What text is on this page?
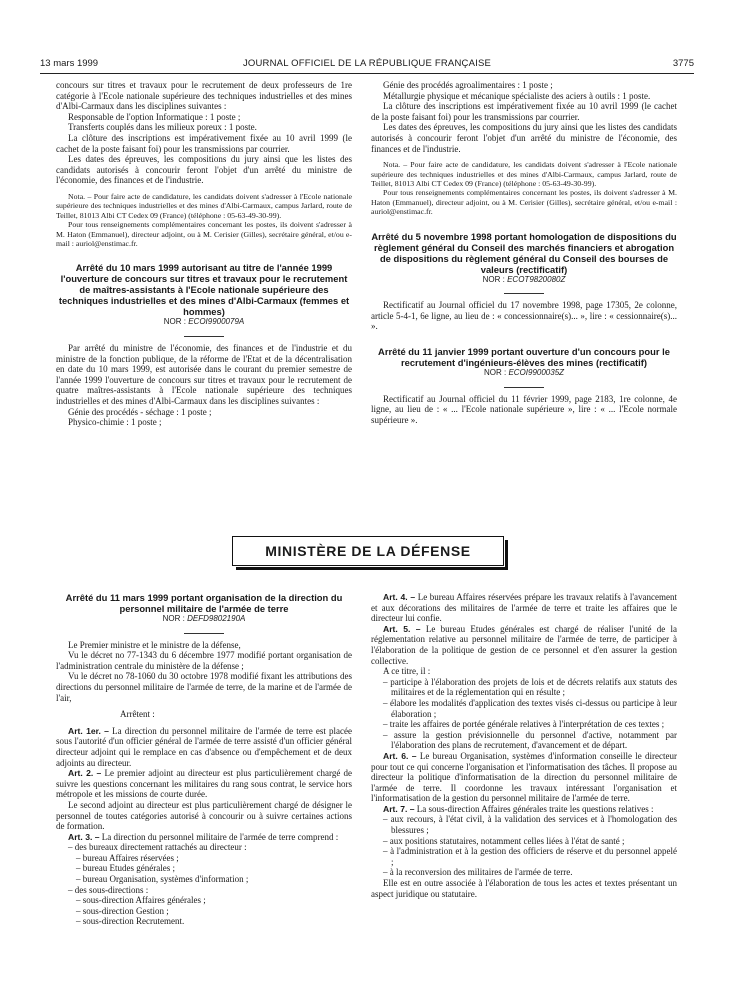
13 mars 1999	JOURNAL OFFICIEL DE LA RÉPUBLIQUE FRANÇAISE	3775

concours sur titres et travaux pour le recrutement de deux professeurs de 1re catégorie à l'Ecole nationale supérieure des techniques industrielles et des mines d'Albi-Carmaux dans les disciplines suivantes :

Responsable de l'option Informatique : 1 poste ;

Transferts couplés dans les milieux poreux : 1 poste.

La clôture des inscriptions est impérativement fixée au 10 avril 1999 (le cachet de la poste faisant foi) pour les transmissions par courrier.

Les dates des épreuves, les compositions du jury ainsi que les listes des candidats autorisés à concourir feront l'objet d'un arrêté du ministre de l'économie, des finances et de l'industrie.

Nota. – Pour faire acte de candidature, les candidats doivent s'adresser à l'Ecole nationale supérieure des techniques industrielles et des mines d'Albi-Carmaux, campus Jarlard, route de Teillet, 81013 Albi CT Cedex 09 (France) (téléphone : 05-63-49-30-99).

Pour tous renseignements complémentaires concernant les postes, ils doivent s'adresser à M. Haton (Emmanuel), directeur adjoint, ou à M. Cerisier (Gilles), secrétaire général, et/ou e-mail : auriol@enstimac.fr.

Arrêté du 10 mars 1999 autorisant au titre de l'année 1999 l'ouverture de concours sur titres et travaux pour le recrutement de maîtres-assistants à l'Ecole nationale supérieure des techniques industrielles et des mines d'Albi-Carmaux (femmes et hommes)

NOR : ECOI9900079A

Par arrêté du ministre de l'économie, des finances et de l'industrie et du ministre de la fonction publique, de la réforme de l'Etat et de la décentralisation en date du 10 mars 1999, est autorisée dans le courant du premier semestre de l'année 1999 l'ouverture de concours sur titres et travaux pour le recrutement de quatre maîtres-assistants à l'Ecole nationale supérieure des techniques industrielles et des mines d'Albi-Carmaux dans les disciplines suivantes :

Génie des procédés - séchage : 1 poste ;

Physico-chimie : 1 poste ;

Génie des procédés agroalimentaires : 1 poste ;

Métallurgie physique et mécanique spécialiste des aciers à outils : 1 poste.

La clôture des inscriptions est impérativement fixée au 10 avril 1999 (le cachet de la poste faisant foi) pour les transmissions par courrier.

Les dates des épreuves, les compositions du jury ainsi que les listes des candidats autorisés à concourir feront l'objet d'un arrêté du ministre de l'économie, des finances et de l'industrie.

Nota. – Pour faire acte de candidature, les candidats doivent s'adresser à l'Ecole nationale supérieure des techniques industrielles et des mines d'Albi-Carmaux, campus Jarlard, route de Teillet, 81013 Albi CT Cedex 09 (France) (téléphone : 05-63-49-30-99).

Pour tous renseignements complémentaires concernant les postes, ils doivent s'adresser à M. Haton (Emmanuel), directeur adjoint, ou à M. Cerisier (Gilles), secrétaire général, et/ou e-mail : auriol@enstimac.fr.

Arrêté du 5 novembre 1998 portant homologation de dispositions du règlement général du Conseil des marchés financiers et abrogation de dispositions du règlement général du Conseil des bourses de valeurs (rectificatif)

NOR : ECOT9820080Z

Rectificatif au Journal officiel du 17 novembre 1998, page 17305, 2e colonne, article 5-4-1, 6e ligne, au lieu de : « concessionnaire(s)... », lire : « cessionnaire(s)... ».

Arrêté du 11 janvier 1999 portant ouverture d'un concours pour le recrutement d'ingénieurs-élèves des mines (rectificatif)

NOR : ECOI9900035Z

Rectificatif au Journal officiel du 11 février 1999, page 2183, 1re colonne, 4e ligne, au lieu de : « ... l'Ecole nationale supérieure », lire : « ... l'Ecole normale supérieure ».

MINISTÈRE DE LA DÉFENSE

Arrêté du 11 mars 1999 portant organisation de la direction du personnel militaire de l'armée de terre

NOR : DEFD9802190A

Le Premier ministre et le ministre de la défense,

Vu le décret no 77-1343 du 6 décembre 1977 modifié portant organisation de l'administration centrale du ministère de la défense ;

Vu le décret no 78-1060 du 30 octobre 1978 modifié fixant les attributions des directions du personnel militaire de l'armée de terre, de la marine et de l'armée de l'air,

Arrêtent :

Art. 1er. – La direction du personnel militaire de l'armée de terre est placée sous l'autorité d'un officier général de l'armée de terre assisté d'un officier général directeur adjoint qui le remplace en cas d'absence ou d'empêchement et de deux adjoints au directeur.

Art. 2. – Le premier adjoint au directeur est plus particulièrement chargé de suivre les questions concernant les militaires du rang sous contrat, le service hors métropole et les missions de courte durée.

Le second adjoint au directeur est plus particulièrement chargé de désigner le personnel de toutes catégories autorisé à concourir ou à suivre certaines actions de formation.

Art. 3. – La direction du personnel militaire de l'armée de terre comprend :

– des bureaux directement rattachés au directeur :

– bureau Affaires réservées ;

– bureau Etudes générales ;

– bureau Organisation, systèmes d'information ;

– des sous-directions :

– sous-direction Affaires générales ;

– sous-direction Gestion ;

– sous-direction Recrutement.

Art. 4. – Le bureau Affaires réservées prépare les travaux relatifs à l'avancement et aux décorations des militaires de l'armée de terre et traite les affaires que le directeur lui confie.

Art. 5. – Le bureau Etudes générales est chargé de réaliser l'unité de la réglementation relative au personnel militaire de l'armée de terre, de participer à l'élaboration de la politique de gestion de ce personnel et d'en assurer la gestion collective.

A ce titre, il :

– participe à l'élaboration des projets de lois et de décrets relatifs aux statuts des militaires et de la réglementation qui en résulte ;

– élabore les modalités d'application des textes visés ci-dessus ou participe à leur élaboration ;

– traite les affaires de portée générale relatives à l'interprétation de ces textes ;

– assure la gestion prévisionnelle du personnel d'active, notamment par l'élaboration des plans de recrutement, d'avancement et de départ.

Art. 6. – Le bureau Organisation, systèmes d'information conseille le directeur pour tout ce qui concerne l'organisation et l'informatisation des tâches. Il propose au directeur la politique d'informatisation de la direction du personnel militaire de l'armée de terre. Il coordonne les travaux intéressant l'organisation et l'informatisation de la gestion du personnel militaire de l'armée de terre.

Art. 7. – La sous-direction Affaires générales traite les questions relatives :

– aux recours, à l'état civil, à la validation des services et à l'homologation des blessures ;

– aux positions statutaires, notamment celles liées à l'état de santé ;

– à l'administration et à la gestion des officiers de réserve et du personnel appelé ;

– à la reconversion des militaires de l'armée de terre.

Elle est en outre associée à l'élaboration de tous les actes et textes présentant un aspect juridique ou statutaire.
